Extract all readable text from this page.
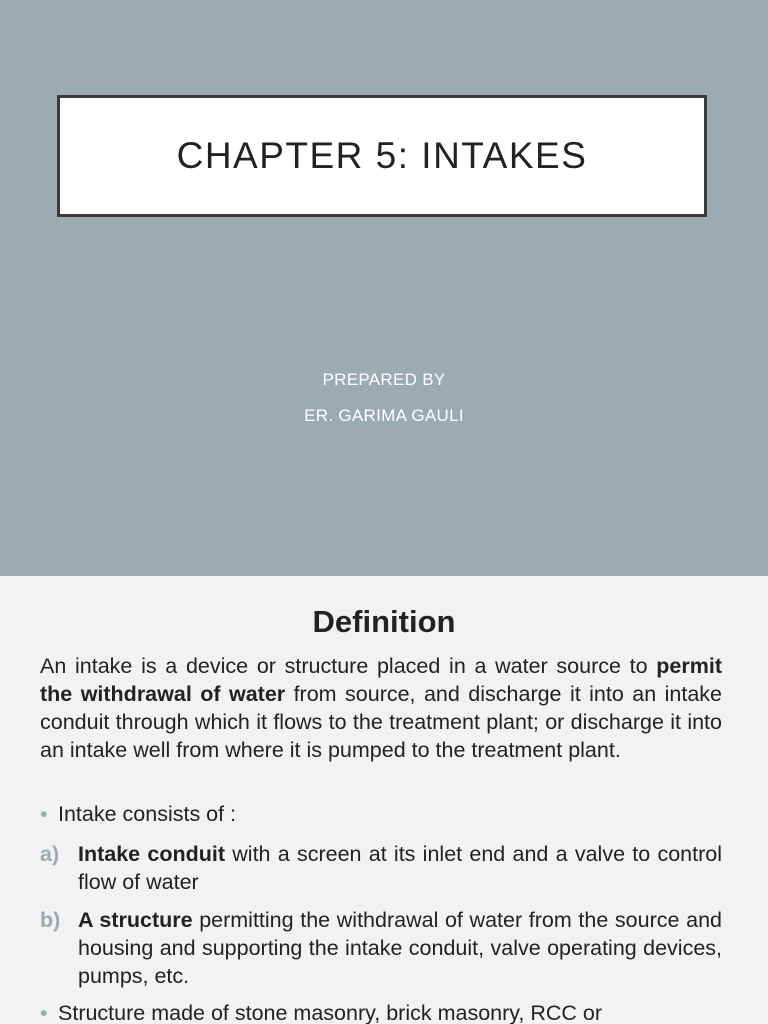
CHAPTER 5: INTAKES
PREPARED BY
ER. GARIMA GAULI
Definition
An intake is a device or structure placed in a water source to permit the withdrawal of water from source, and discharge it into an intake conduit through which it flows to the treatment plant; or discharge it into an intake well from where it is pumped to the treatment plant.
• Intake consists of :
a) Intake conduit with a screen at its inlet end and a valve to control flow of water
b) A structure permitting the withdrawal of water from the source and housing and supporting the intake conduit, valve operating devices, pumps, etc.
• Structure made of stone masonry, brick masonry, RCC or
